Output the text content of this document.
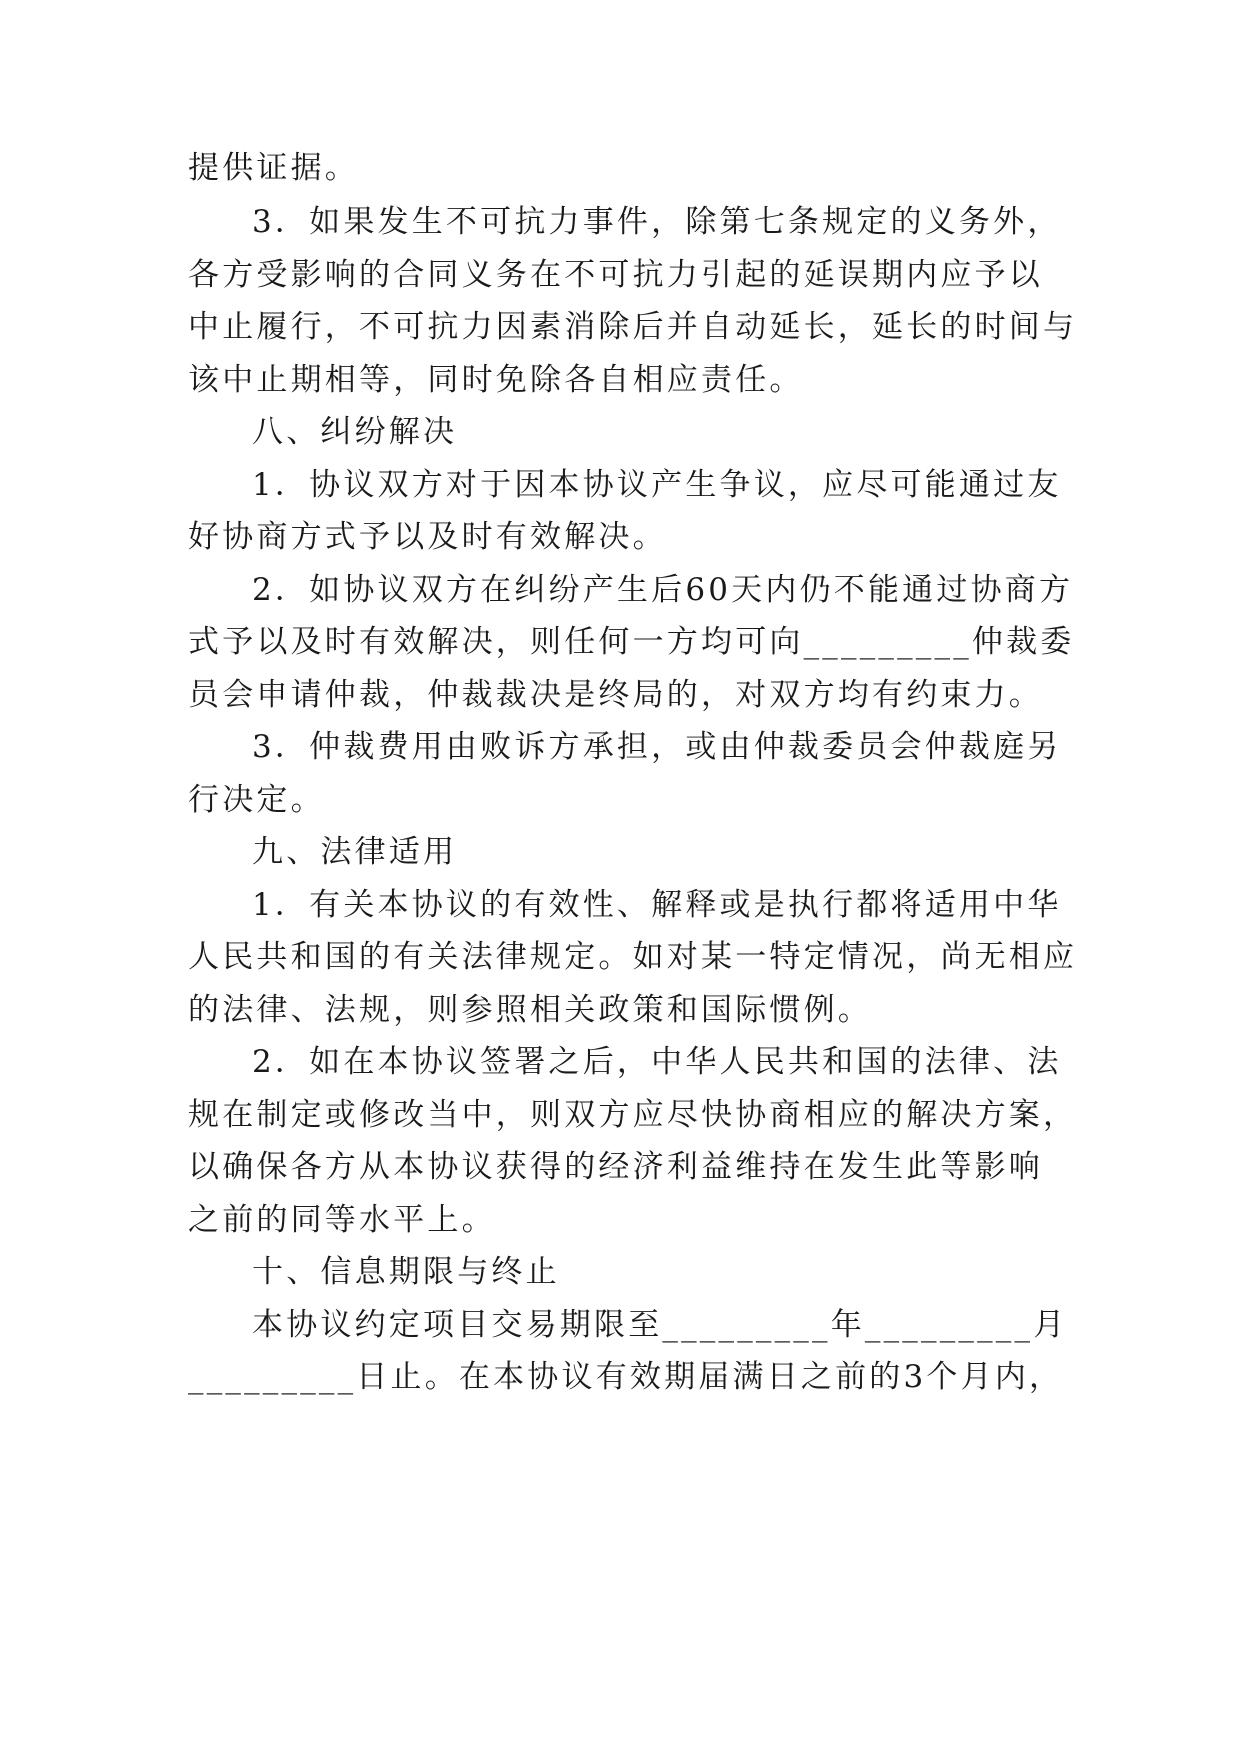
提供证据。
3．如果发生不可抗力事件，除第七条规定的义务外，
各方受影响的合同义务在不可抗力引起的延误期内应予以
中止履行，不可抗力因素消除后并自动延长，延长的时间与
该中止期相等，同时免除各自相应责任。
八、纠纷解决
1．协议双方对于因本协议产生争议，应尽可能通过友
好协商方式予以及时有效解决。
2．如协议双方在纠纷产生后60天内仍不能通过协商方
式予以及时有效解决，则任何一方均可向_________仲裁委
员会申请仲裁，仲裁裁决是终局的，对双方均有约束力。
3．仲裁费用由败诉方承担，或由仲裁委员会仲裁庭另
行决定。
九、法律适用
1．有关本协议的有效性、解释或是执行都将适用中华
人民共和国的有关法律规定。如对某一特定情况，尚无相应
的法律、法规，则参照相关政策和国际惯例。
2．如在本协议签署之后，中华人民共和国的法律、法
规在制定或修改当中，则双方应尽快协商相应的解决方案，
以确保各方从本协议获得的经济利益维持在发生此等影响
之前的同等水平上。
十、信息期限与终止
本协议约定项目交易期限至_________年_________月
_________日止。在本协议有效期届满日之前的3个月内，
